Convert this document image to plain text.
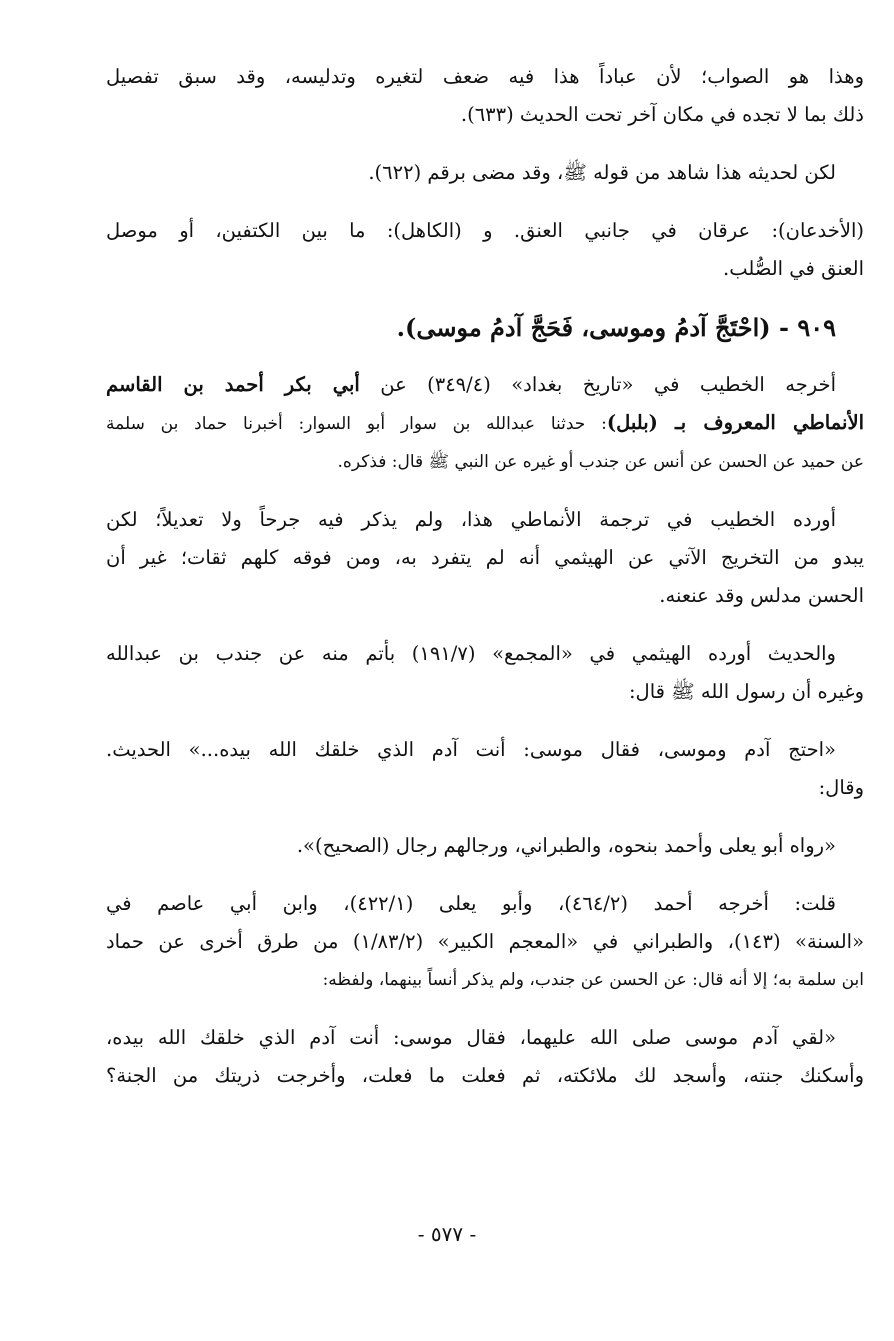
وهذا هو الصواب؛ لأن عباداً هذا فيه ضعف لتغيره وتدليسه، وقد سبق تفصيل
ذلك بما لا تجده في مكان آخر تحت الحديث (٦٣٣).

لكن لحديثه هذا شاهد من قوله ﷺ، وقد مضى برقم (٦٢٢).

(الأخدعان): عرقان في جانبي العنق. و (الكاهل): ما بين الكتفين، أو موصل
العنق في الصُّلب.

٩٠٩ - (احْتَجَّ آدمُ وموسى، فَحَجَّ آدمُ موسى).

أخرجه الخطيب في «تاريخ بغداد» (٣٤٩/٤) عن أبي بكر أحمد بن القاسم
الأنماطي المعروف بـ (بلبل): حدثنا عبدالله بن سوار أبو السوار: أخبرنا حماد بن سلمة
عن حميد عن الحسن عن أنس عن جندب أو غيره عن النبي ﷺ قال: فذكره.

أورده الخطيب في ترجمة الأنماطي هذا، ولم يذكر فيه جرحاً ولا تعديلاً؛ لكن
يبدو من التخريج الآتي عن الهيثمي أنه لم يتفرد به، ومن فوقه كلهم ثقات؛ غير أن
الحسن مدلس وقد عنعنه.

والحديث أورده الهيثمي في «المجمع» (١٩١/٧) بأتم منه عن جندب بن عبدالله
وغيره أن رسول الله ﷺ قال:

«احتج آدم وموسى، فقال موسى: أنت آدم الذي خلقك الله بيده...» الحديث.
وقال:

«رواه أبو يعلى وأحمد بنحوه، والطبراني، ورجالهم رجال (الصحيح)».

قلت: أخرجه أحمد (٤٦٤/٢)، وأبو يعلى (٤٢٢/١)، وابن أبي عاصم في
«السنة» (١٤٣)، والطبراني في «المعجم الكبير» (١/٨٣/٢) من طرق أخرى عن حماد
ابن سلمة به؛ إلا أنه قال: عن الحسن عن جندب، ولم يذكر أنساً بينهما، ولفظه:

«لقي آدم موسى صلى الله عليهما، فقال موسى: أنت آدم الذي خلقك الله بيده،
وأسكنك جنته، وأسجد لك ملائكته، ثم فعلت ما فعلت، وأخرجت ذريتك من الجنة؟

- ٥٧٧ -
